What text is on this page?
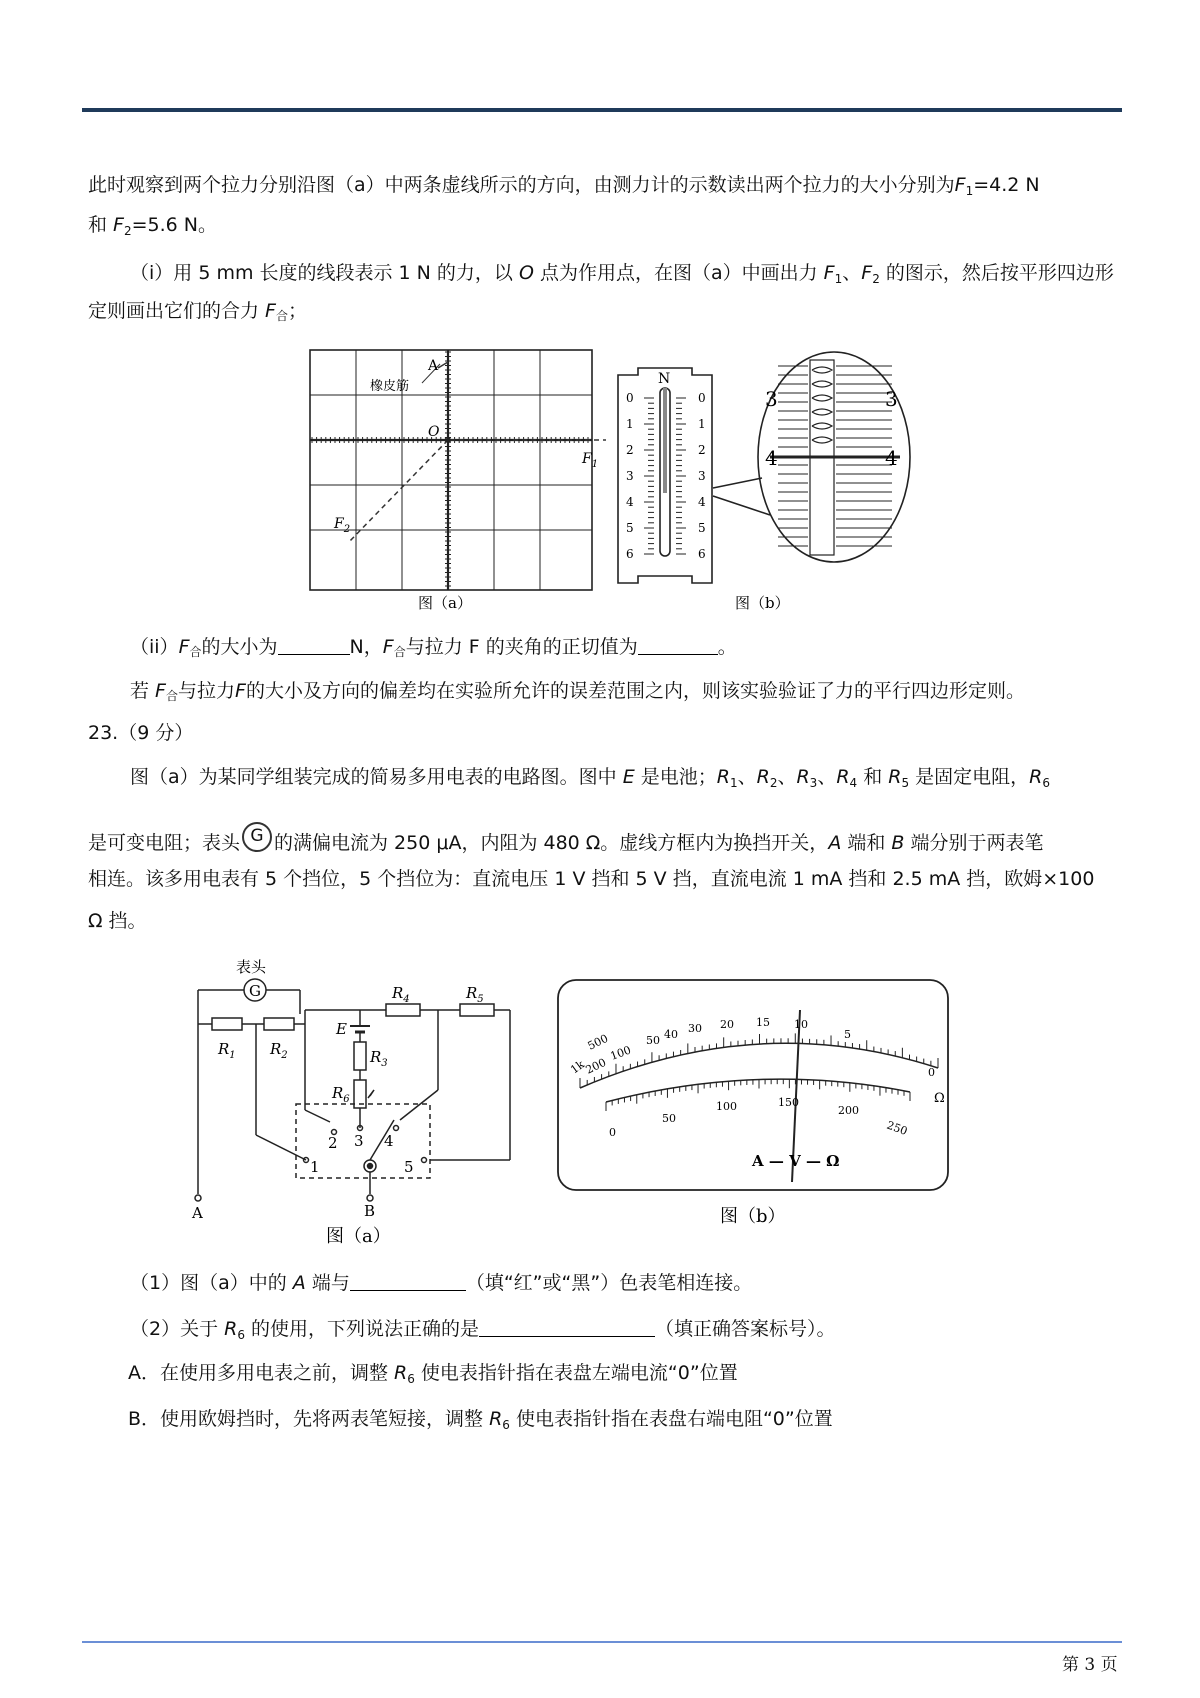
此时观察到两个拉力分别沿图（a）中两条虚线所示的方向，由测力计的示数读出两个拉力的大小分别为$F_1=4.2$ N
和 $F_2=5.6$ N。
（i）用 5 mm 长度的线段表示 1 N 的力，以 O 点为作用点，在图（a）中画出力 $F_1$、$F_2$ 的图示，然后按平形四边形定则画出它们的合力 F合；
A
橡皮筋
O
$F_1$
$F_2$
图（a）
N
0	0
1	1
2	2
3	3
4	4
5	5
6	6
3	3
4	4
图（b）
（ii）F合的大小为	N，F合与拉力 F 的夹角的正切值为	。
若 F合与拉力F的大小及方向的偏差均在实验所允许的误差范围之内，则该实验验证了力的平行四边形定则。
23.（9 分）
图（a）为某同学组装完成的简易多用电表的电路图。图中 E 是电池；$R_1$、$R_2$、$R_3$、$R_4$ 和 $R_5$ 是固定电阻，$R_6$
是可变电阻；表头 G 的满偏电流为 250 μA，内阻为 480 Ω。虚线方框内为换挡开关，A 端和 B 端分别于两表笔
相连。该多用电表有 5 个挡位，5 个挡位为：直流电压 1 V 挡和 5 V 挡，直流电流 1 mA 挡和 2.5 mA 挡，欧姆×100
Ω 挡。
表头
G
$R_1$ $R_2$
$R_4$	$R_5$
E
$R_3$
$R_6$
1
2 3 4
5
A	B
图（a）
1k
500
200
100
50 40 30 20 15 10
5
0
0
50
100	150
200
250
Ω
A — V — Ω
图（b）
（1）图（a）中的 A 端与	（填“红”或“黑”）色表笔相连接。
（2）关于 $R_6$ 的使用，下列说法正确的是	（填正确答案标号）。
A．在使用多用电表之前，调整 $R_6$ 使电表指针指在表盘左端电流“0”位置
B．使用欧姆挡时，先将两表笔短接，调整 $R_6$ 使电表指针指在表盘右端电阻“0”位置
第 3 页
